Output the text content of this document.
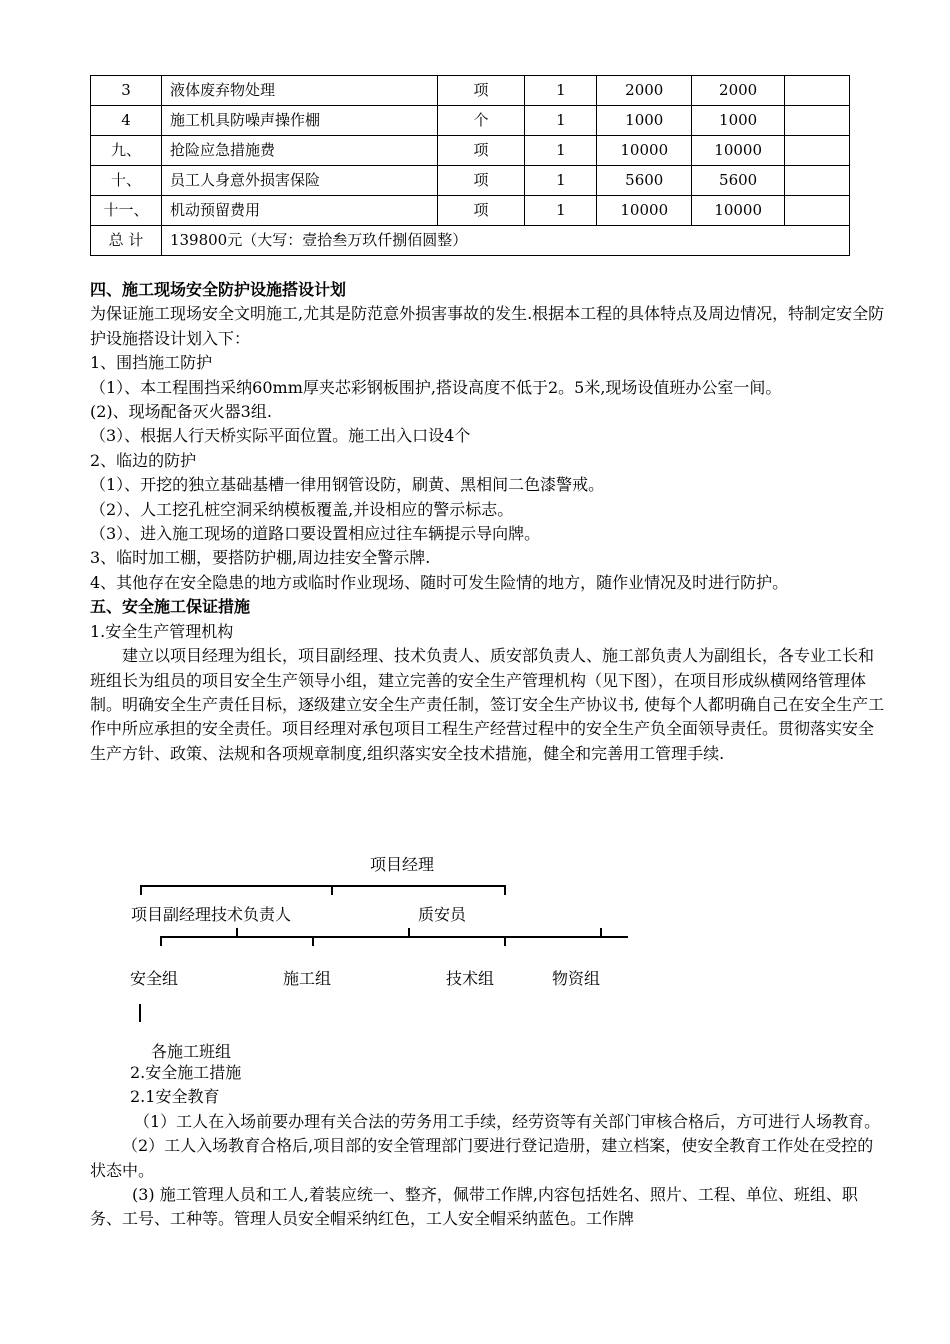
3	液体废弃物处理	项	1	2000	2000	
4	施工机具防噪声操作棚	个	1	1000	1000	
九、	抢险应急措施费	项	1	10000	10000	
十、	员工人身意外损害保险	项	1	5600	5600	
十一、	机动预留费用	项	1	10000	10000	
总 计	139800元（大写：壹拾叁万玖仟捌佰圆整）					

四、施工现场安全防护设施搭设计划

为保证施工现场安全文明施工,尤其是防范意外损害事故的发生.根据本工程的具体特点及周边情况，特制定安全防护设施搭设计划入下：

1、围挡施工防护

（1）、本工程围挡采纳60mm厚夹芯彩钢板围护,搭设高度不低于2。5米,现场设值班办公室一间。

(2)、现场配备灭火器3组.

（3）、根据人行天桥实际平面位置。施工出入口设4个

2、临边的防护

（1）、开挖的独立基础基槽一律用钢管设防，刷黄、黑相间二色漆警戒。

（2）、人工挖孔桩空洞采纳模板覆盖,并设相应的警示标志。

（3）、进入施工现场的道路口要设置相应过往车辆提示导向牌。

3、临时加工棚，要搭防护棚,周边挂安全警示牌.

4、其他存在安全隐患的地方或临时作业现场、随时可发生险情的地方，随作业情况及时进行防护。

五、安全施工保证措施

1.安全生产管理机构

建立以项目经理为组长，项目副经理、技术负责人、质安部负责人、施工部负责人为副组长，各专业工长和班组长为组员的项目安全生产领导小组，建立完善的安全生产管理机构（见下图），在项目形成纵横网络管理体制。明确安全生产责任目标，逐级建立安全生产责任制，签订安全生产协议书, 使每个人都明确自己在安全生产工作中所应承担的安全责任。项目经理对承包项目工程生产经营过程中的安全生产负全面领导责任。贯彻落实安全生产方针、政策、法规和各项规章制度,组织落实安全技术措施，健全和完善用工管理手续.

项目经理
项目副经理技术负责人	质安员
安全组	施工组	技术组	物资组
各施工班组

2.安全施工措施

2.1安全教育

（1）工人在入场前要办理有关合法的劳务用工手续，经劳资等有关部门审核合格后，方可进行人场教育。

（2）工人入场教育合格后,项目部的安全管理部门要进行登记造册，建立档案，使安全教育工作处在受控的状态中。

(3) 施工管理人员和工人,着装应统一、整齐，佩带工作牌,内容包括姓名、照片、工程、单位、班组、职务、工号、工种等。管理人员安全帽采纳红色，工人安全帽采纳蓝色。工作牌
